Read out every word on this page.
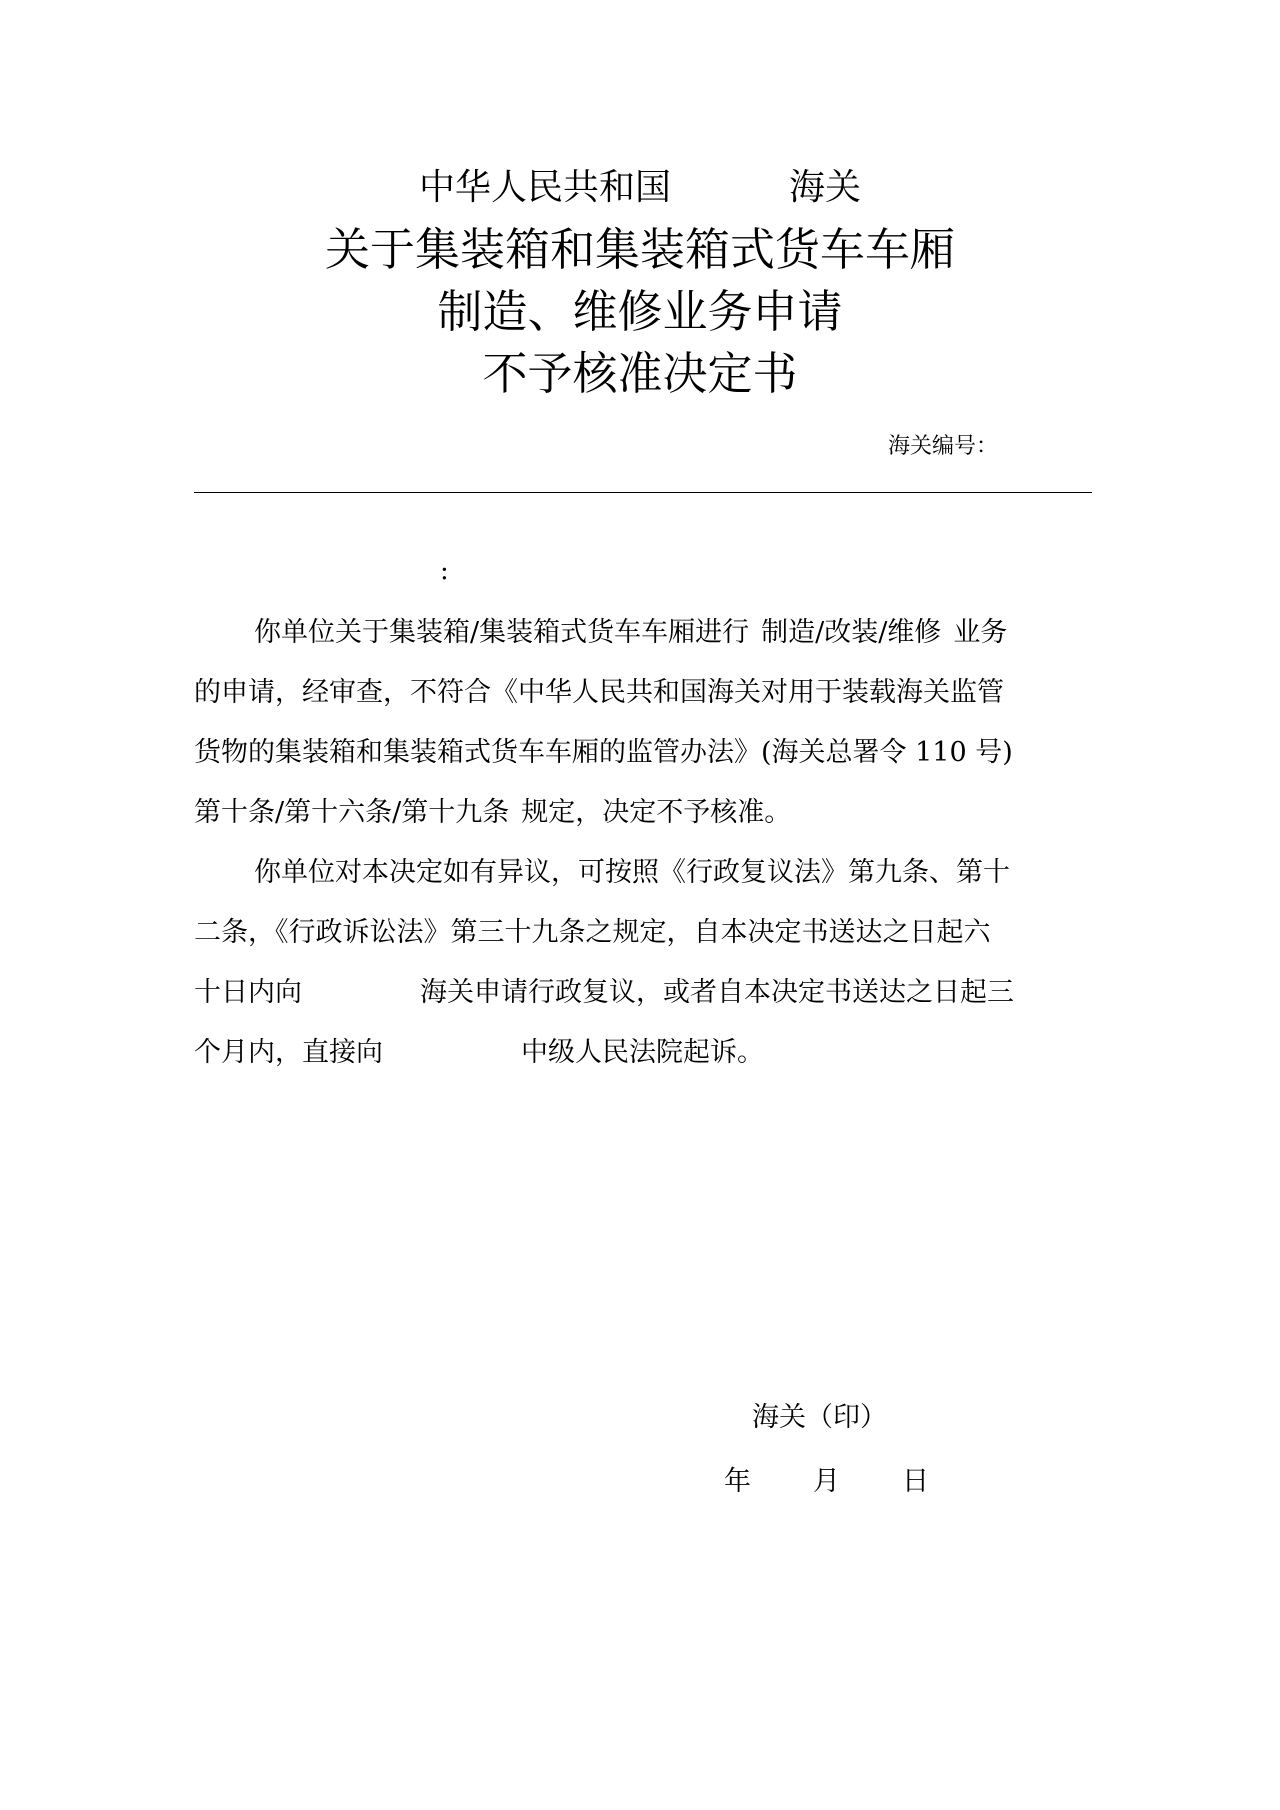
中华人民共和国	海关
关于集装箱和集装箱式货车车厢
制造、维修业务申请
不予核准决定书
海关编号：
:
你单位关于集装箱/集装箱式货车车厢进行 制造/改装/维修 业务
的申请，经审查，不符合《中华人民共和国海关对用于装载海关监管
货物的集装箱和集装箱式货车车厢的监管办法》(海关总署令 110 号)
第十条/第十六条/第十九条 规定，决定不予核准。
你单位对本决定如有异议，可按照《行政复议法》第九条、第十
二条，《行政诉讼法》第三十九条之规定，自本决定书送达之日起六
十日内向	海关申请行政复议，或者自本决定书送达之日起三
个月内，直接向	中级人民法院起诉。
海关（印）
年 月 日
